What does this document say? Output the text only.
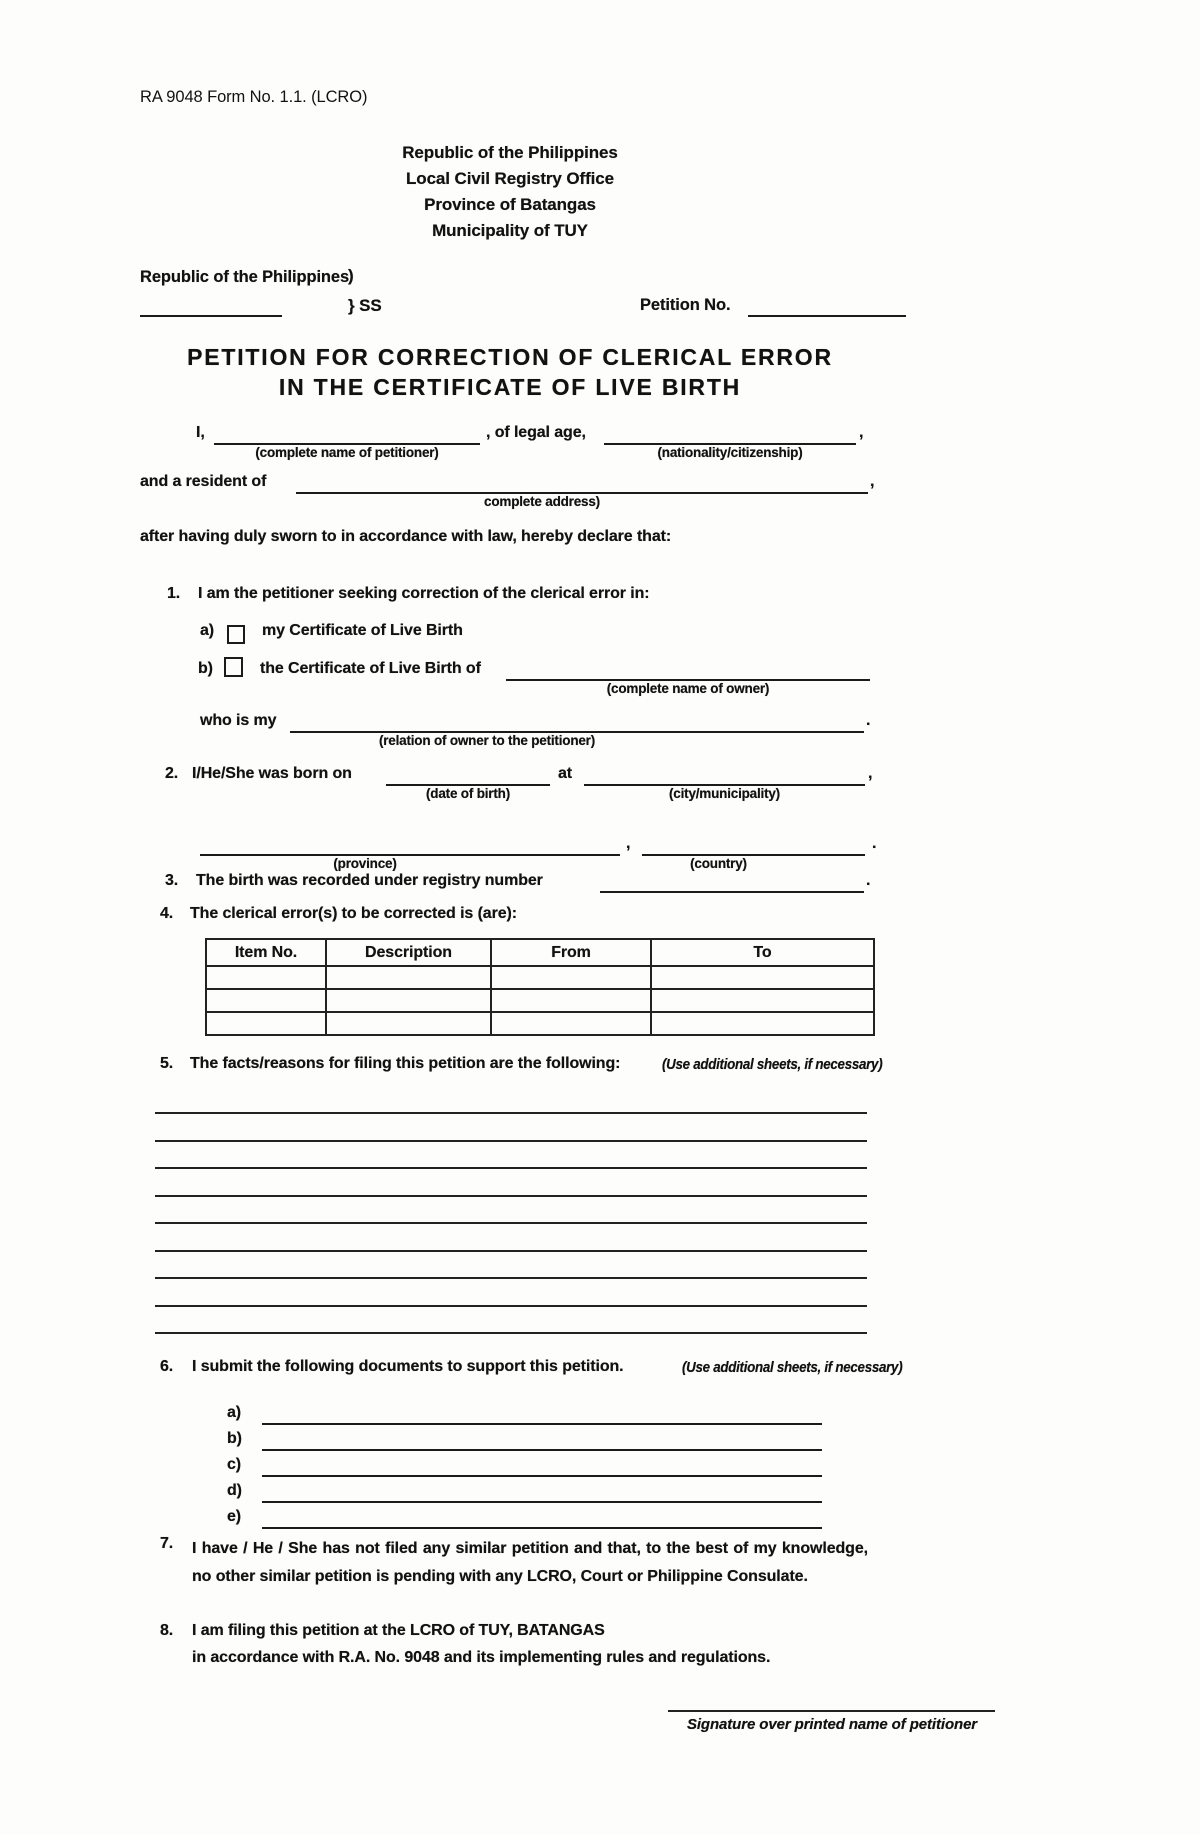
RA 9048 Form No. 1.1. (LCRO)
Republic of the Philippines
Local Civil Registry Office
Province of Batangas
Municipality of TUY
Republic of the Philippines
)
} SS	Petition No.
PETITION FOR CORRECTION OF CLERICAL ERROR
IN THE CERTIFICATE OF LIVE BIRTH
I,
(complete name of petitioner)
, of legal age,
(nationality/citizenship)
,
and a resident of
complete address)
,
after having duly sworn to in accordance with law, hereby declare that:
1. I am the petitioner seeking correction of the clerical error in:
a)	my Certificate of Live Birth
b)	the Certificate of Live Birth of
(complete name of owner)
who is my
(relation of owner to the petitioner)
.
2. I/He/She was born on
(date of birth)
at
(city/municipality)
,
(province)
,
(country)
.
3. The birth was recorded under registry number	.
4. The clerical error(s) to be corrected is (are):
Item No.	Description	From	To

5. The facts/reasons for filing this petition are the following:	(Use additional sheets, if necessary)
6. I submit the following documents to support this petition.	(Use additional sheets, if necessary)
a)
b)
c)
d)
e)
7. I have / He / She has not filed any similar petition and that, to the best of my knowledge, no other similar petition is pending with any LCRO, Court or Philippine Consulate.
8. I am filing this petition at the LCRO of TUY, BATANGAS
in accordance with R.A. No. 9048 and its implementing rules and regulations.
Signature over printed name of petitioner
